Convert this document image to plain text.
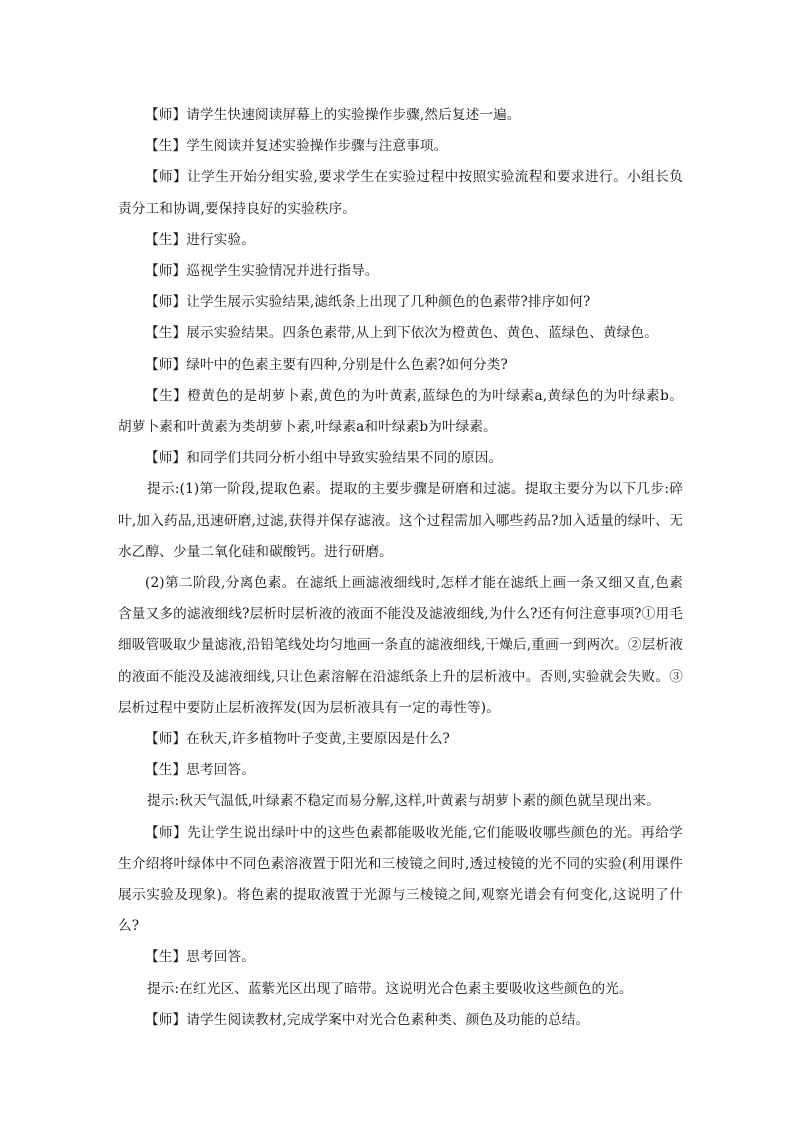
【师】请学生快速阅读屏幕上的实验操作步骤,然后复述一遍。

【生】学生阅读并复述实验操作步骤与注意事项。

【师】让学生开始分组实验,要求学生在实验过程中按照实验流程和要求进行。小组长负责分工和协调,要保持良好的实验秩序。

【生】进行实验。

【师】巡视学生实验情况并进行指导。

【师】让学生展示实验结果,滤纸条上出现了几种颜色的色素带?排序如何?

【生】展示实验结果。四条色素带,从上到下依次为橙黄色、黄色、蓝绿色、黄绿色。

【师】绿叶中的色素主要有四种,分别是什么色素?如何分类?

【生】橙黄色的是胡萝卜素,黄色的为叶黄素,蓝绿色的为叶绿素a,黄绿色的为叶绿素b。胡萝卜素和叶黄素为类胡萝卜素,叶绿素a和叶绿素b为叶绿素。

【师】和同学们共同分析小组中导致实验结果不同的原因。

提示:(1)第一阶段,提取色素。提取的主要步骤是研磨和过滤。提取主要分为以下几步:碎叶,加入药品,迅速研磨,过滤,获得并保存滤液。这个过程需加入哪些药品?加入适量的绿叶、无水乙醇、少量二氧化硅和碳酸钙。进行研磨。

(2)第二阶段,分离色素。在滤纸上画滤液细线时,怎样才能在滤纸上画一条又细又直,色素含量又多的滤液细线?层析时层析液的液面不能没及滤液细线,为什么?还有何注意事项?①用毛细吸管吸取少量滤液,沿铅笔线处均匀地画一条直的滤液细线,干燥后,重画一到两次。②层析液的液面不能没及滤液细线,只让色素溶解在沿滤纸条上升的层析液中。否则,实验就会失败。③层析过程中要防止层析液挥发(因为层析液具有一定的毒性等)。

【师】在秋天,许多植物叶子变黄,主要原因是什么?

【生】思考回答。

提示:秋天气温低,叶绿素不稳定而易分解,这样,叶黄素与胡萝卜素的颜色就呈现出来。

【师】先让学生说出绿叶中的这些色素都能吸收光能,它们能吸收哪些颜色的光。再给学生介绍将叶绿体中不同色素溶液置于阳光和三棱镜之间时,透过棱镜的光不同的实验(利用课件展示实验及现象)。将色素的提取液置于光源与三棱镜之间,观察光谱会有何变化,这说明了什么?

【生】思考回答。

提示:在红光区、蓝紫光区出现了暗带。这说明光合色素主要吸收这些颜色的光。

【师】请学生阅读教材,完成学案中对光合色素种类、颜色及功能的总结。
